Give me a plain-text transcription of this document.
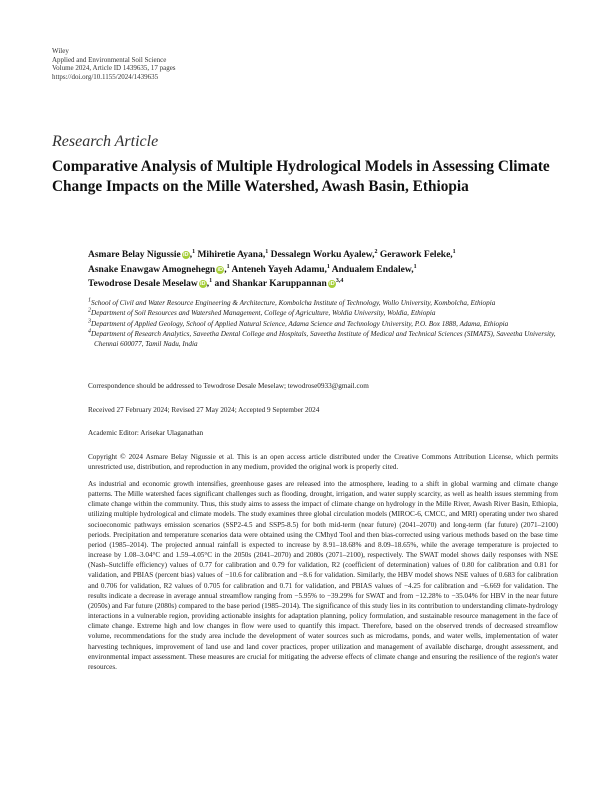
Wiley
Applied and Environmental Soil Science
Volume 2024, Article ID 1439635, 17 pages
https://doi.org/10.1155/2024/1439635
Research Article
Comparative Analysis of Multiple Hydrological Models in Assessing Climate Change Impacts on the Mille Watershed, Awash Basin, Ethiopia
Asmare Belay Nigussie iD,$^1$ Mihiretie Ayana,$^1$ Dessalegn Worku Ayalew,$^2$ Gerawork Feleke,$^1$
Asnake Enawgaw Amognehegn iD,$^1$ Anteneh Yayeh Adamu,$^1$ Andualem Endalew,$^1$
Tewodrose Desale Meselaw iD,$^1$ and Shankar Karuppannan iD$^{3,4}$
$^1$School of Civil and Water Resource Engineering & Architecture, Kombolcha Institute of Technology, Wollo University, Kombolcha, Ethiopia
$^2$Department of Soil Resources and Watershed Management, College of Agriculture, Woldia University, Woldia, Ethiopia
$^3$Department of Applied Geology, School of Applied Natural Science, Adama Science and Technology University, P.O. Box 1888, Adama, Ethiopia
$^4$Department of Research Analytics, Saveetha Dental College and Hospitals, Saveetha Institute of Medical and Technical Sciences (SIMATS), Saveetha University, Chennai 600077, Tamil Nadu, India
Correspondence should be addressed to Tewodrose Desale Meselaw; tewodrose0933@gmail.com
Received 27 February 2024; Revised 27 May 2024; Accepted 9 September 2024
Academic Editor: Arisekar Ulaganathan
Copyright © 2024 Asmare Belay Nigussie et al. This is an open access article distributed under the Creative Commons Attribution License, which permits unrestricted use, distribution, and reproduction in any medium, provided the original work is properly cited.
As industrial and economic growth intensifies, greenhouse gases are released into the atmosphere, leading to a shift in global warming and climate change patterns. The Mille watershed faces significant challenges such as flooding, drought, irrigation, and water supply scarcity, as well as health issues stemming from climate change within the community. Thus, this study aims to assess the impact of climate change on hydrology in the Mille River, Awash River Basin, Ethiopia, utilizing multiple hydrological and climate models. The study examines three global circulation models (MIROC-6, CMCC, and MRI) operating under two shared socioeconomic pathways emission scenarios (SSP2-4.5 and SSP5-8.5) for both mid-term (near future) (2041–2070) and long-term (far future) (2071–2100) periods. Precipitation and temperature scenarios data were obtained using the CMhyd Tool and then bias-corrected using various methods based on the base time period (1985–2014). The projected annual rainfall is expected to increase by 8.91–18.68% and 8.09–18.65%, while the average temperature is projected to increase by 1.08–3.04°C and 1.59–4.05°C in the 2050s (2041–2070) and 2080s (2071–2100), respectively. The SWAT model shows daily responses with NSE (Nash–Sutcliffe efficiency) values of 0.77 for calibration and 0.79 for validation, R2 (coefficient of determination) values of 0.80 for calibration and 0.81 for validation, and PBIAS (percent bias) values of −10.6 for calibration and −8.6 for validation. Similarly, the HBV model shows NSE values of 0.683 for calibration and 0.706 for validation, R2 values of 0.705 for calibration and 0.71 for validation, and PBIAS values of −4.25 for calibration and −6.669 for validation. The results indicate a decrease in average annual streamflow ranging from −5.95% to −39.29% for SWAT and from −12.28% to −35.04% for HBV in the near future (2050s) and Far future (2080s) compared to the base period (1985–2014). The significance of this study lies in its contribution to understanding climate-hydrology interactions in a vulnerable region, providing actionable insights for adaptation planning, policy formulation, and sustainable resource management in the face of climate change. Extreme high and low changes in flow were used to quantify this impact. Therefore, based on the observed trends of decreased streamflow volume, recommendations for the study area include the development of water sources such as microdams, ponds, and water wells, implementation of water harvesting techniques, improvement of land use and land cover practices, proper utilization and management of available discharge, drought assessment, and environmental impact assessment. These measures are crucial for mitigating the adverse effects of climate change and ensuring the resilience of the region's water resources.
